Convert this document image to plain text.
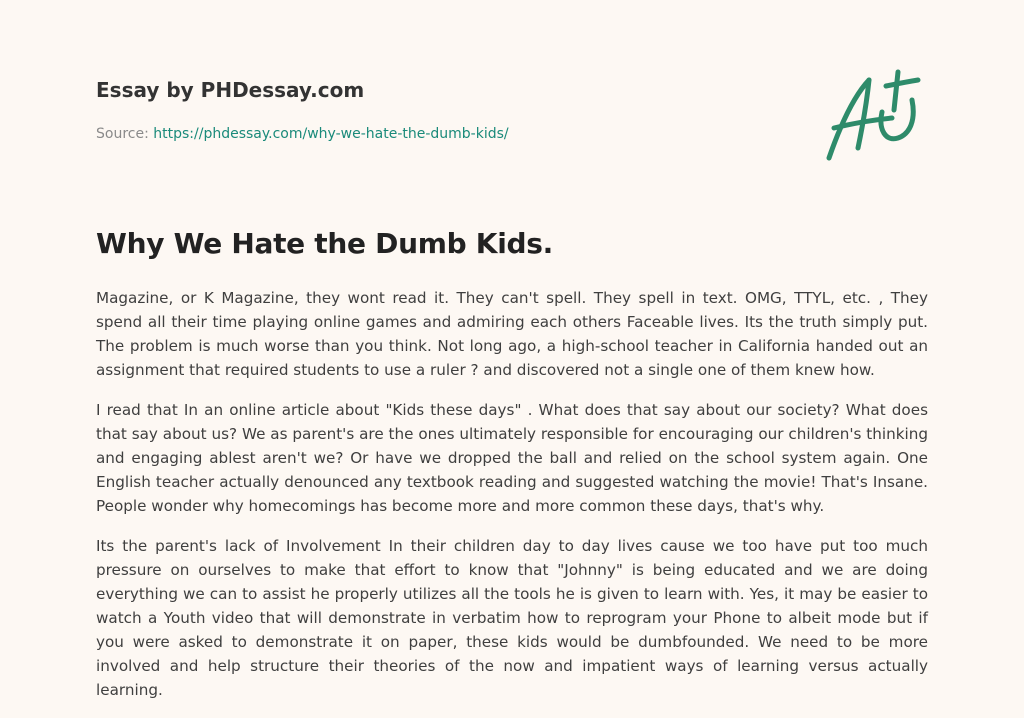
Essay by PHDessay.com
Source: https://phdessay.com/why-we-hate-the-dumb-kids/
Why We Hate the Dumb Kids.

Magazine, or K Magazine, they wont read it. They can't spell. They spell in text. OMG, TTYL, etc. , They spend all their time playing online games and admiring each others Faceable lives. Its the truth simply put. The problem is much worse than you think. Not long ago, a high-school teacher in California handed out an assignment that required students to use a ruler ? and discovered not a single one of them knew how.

I read that In an online article about "Kids these days" . What does that say about our society? What does that say about us? We as parent's are the ones ultimately responsible for encouraging our children's thinking and engaging ablest aren't we? Or have we dropped the ball and relied on the school system again. One English teacher actually denounced any textbook reading and suggested watching the movie! That's Insane. People wonder why homecomings has become more and more common these days, that's why.

Its the parent's lack of Involvement In their children day to day lives cause we too have put too much pressure on ourselves to make that effort to know that "Johnny" is being educated and we are doing everything we can to assist he properly utilizes all the tools he is given to learn with. Yes, it may be easier to watch a Youth video that will demonstrate in verbatim how to reprogram your Phone to albeit mode but if you were asked to demonstrate it on paper, these kids would be dumbfounded. We need to be more involved and help structure their theories of the now and impatient ways of learning versus actually learning.
